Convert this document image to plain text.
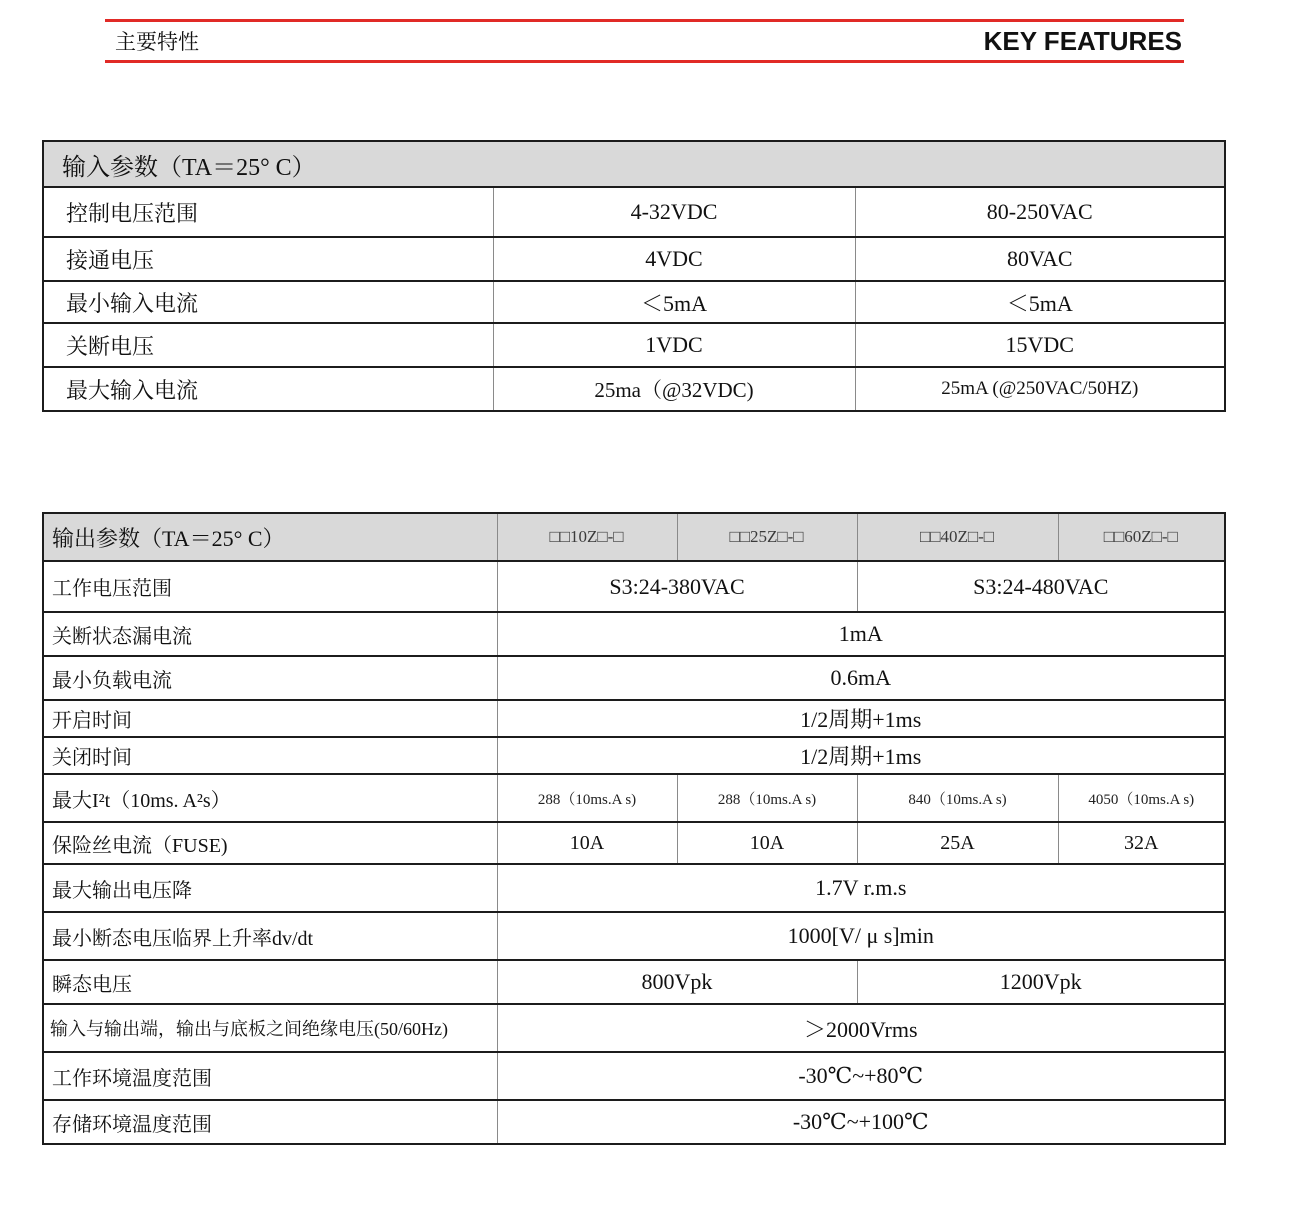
主要特性	KEY FEATURES
输入参数（TA＝25° C）		
控制电压范围	4-32VDC	80-250VAC
接通电压	4VDC	80VAC
最小输入电流	＜5mA	＜5mA
关断电压	1VDC	15VDC
最大输入电流	25ma（@32VDC)	25mA (@250VAC/50HZ)
输出参数（TA＝25° C）	□□10Z□-□	□□25Z□-□	□□40Z□-□	□□60Z□-□
工作电压范围	S3:24-380VAC		S3:24-480VAC	
关断状态漏电流	1mA			
最小负载电流	0.6mA			
开启时间	1/2周期+1ms			
关闭时间	1/2周期+1ms			
最大I²t（10ms. A²s）	288（10ms.A s)	288（10ms.A s)	840（10ms.A s)	4050（10ms.A s)
保险丝电流（FUSE)	10A	10A	25A	32A
最大输出电压降	1.7V r.m.s			
最小断态电压临界上升率dv/dt	1000[V/ μ s]min			
瞬态电压	800Vpk		1200Vpk	
输入与输出端，输出与底板之间绝缘电压(50/60Hz)	＞2000Vrms			
工作环境温度范围	-30℃~+80℃			
存储环境温度范围	-30℃~+100℃			
